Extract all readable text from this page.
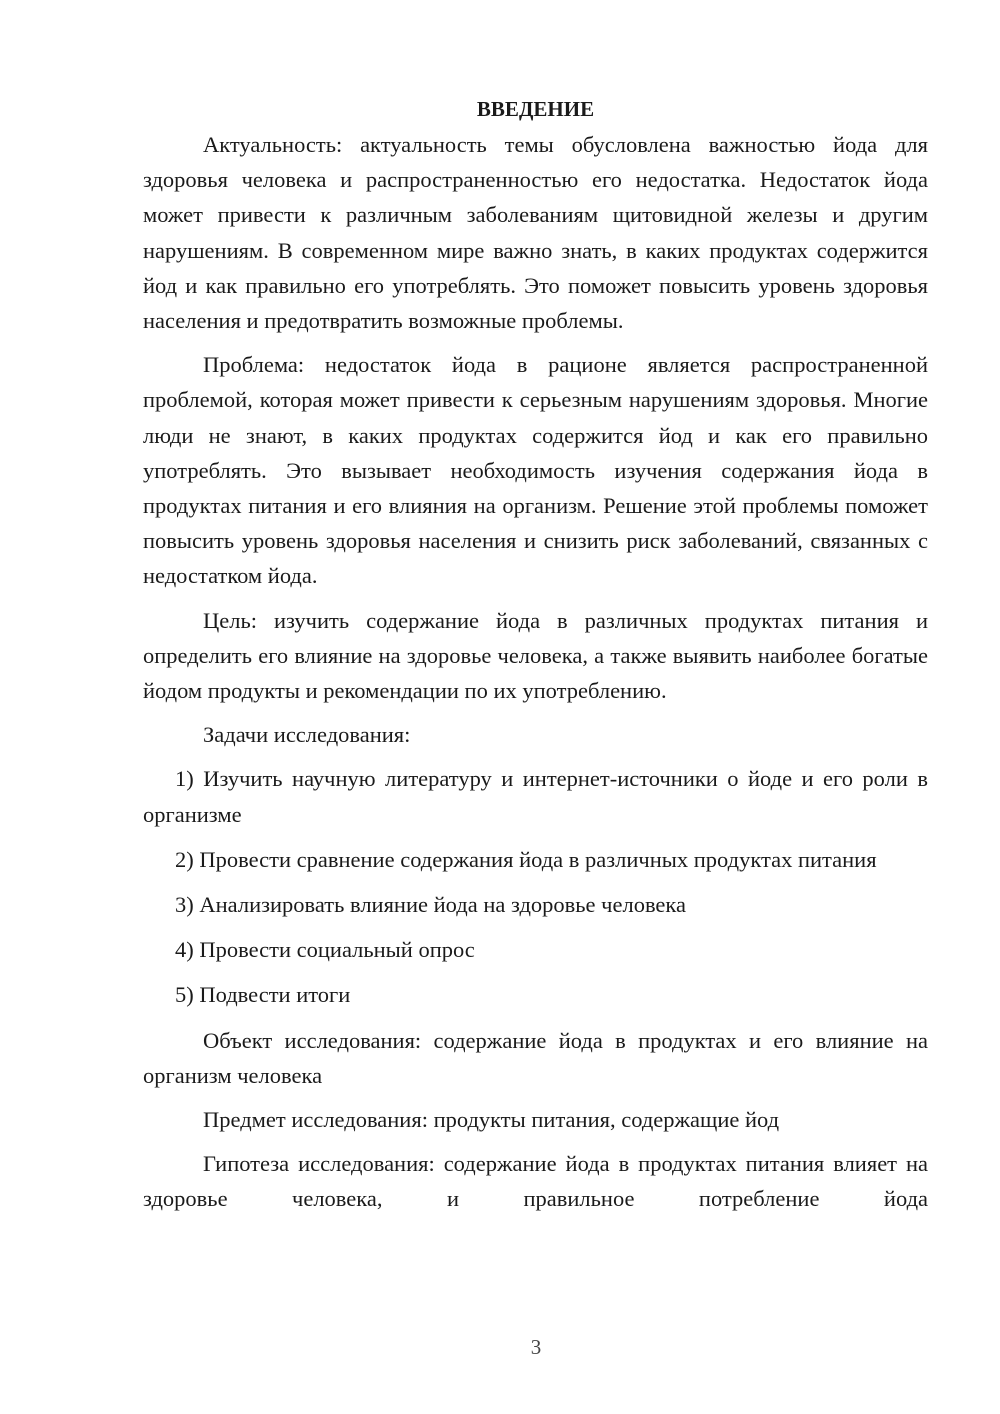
ВВЕДЕНИЕ

Актуальность: актуальность темы обусловлена важностью йода для здоровья человека и распространенностью его недостатка. Недостаток йода может привести к различным заболеваниям щитовидной железы и другим нарушениям. В современном мире важно знать, в каких продуктах содержится йод и как правильно его употреблять. Это поможет повысить уровень здоровья населения и предотвратить возможные проблемы.

Проблема: недостаток йода в рационе является распространенной проблемой, которая может привести к серьезным нарушениям здоровья. Многие люди не знают, в каких продуктах содержится йод и как его правильно употреблять. Это вызывает необходимость изучения содержания йода в продуктах питания и его влияния на организм. Решение этой проблемы поможет повысить уровень здоровья населения и снизить риск заболеваний, связанных с недостатком йода.

Цель: изучить содержание йода в различных продуктах питания и определить его влияние на здоровье человека, а также выявить наиболее богатые йодом продукты и рекомендации по их употреблению.

Задачи исследования:

1) Изучить научную литературу и интернет-источники о йоде и его роли в организме

2) Провести сравнение содержания йода в различных продуктах питания

3) Анализировать влияние йода на здоровье человека

4) Провести социальный опрос

5) Подвести итоги

Объект исследования: содержание йода в продуктах и его влияние на организм человека

Предмет исследования: продукты питания, содержащие йод

Гипотеза исследования: содержание йода в продуктах питания влияет на здоровье человека, и правильное потребление йода

3
